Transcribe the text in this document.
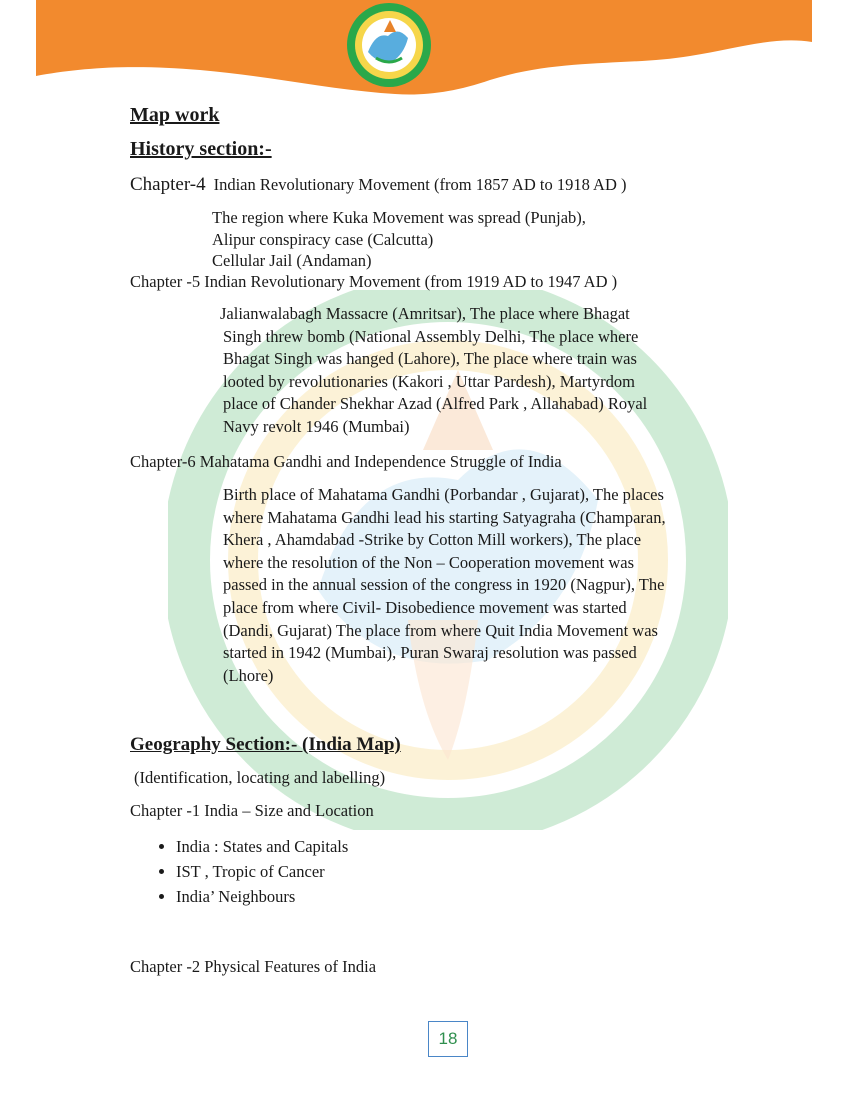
Map work

History section:-

Chapter-4 Indian Revolutionary Movement (from 1857 AD to 1918 AD )

The region where Kuka Movement was spread (Punjab),

Alipur conspiracy case (Calcutta)

Cellular Jail (Andaman)

Chapter -5 Indian Revolutionary Movement (from 1919 AD to 1947 AD )

Jalianwalabagh Massacre (Amritsar), The place where Bhagat

Singh threw bomb (National Assembly Delhi, The place where

Bhagat Singh was hanged (Lahore), The place where train was

looted by revolutionaries (Kakori , Uttar Pardesh), Martyrdom

place of Chander Shekhar Azad (Alfred Park , Allahabad) Royal

Navy revolt 1946 (Mumbai)

Chapter-6 Mahatama Gandhi and Independence Struggle of India

Birth place of Mahatama Gandhi (Porbandar , Gujarat), The places

where Mahatama Gandhi lead his starting Satyagraha (Champaran,

Khera , Ahamdabad -Strike by Cotton Mill workers), The place

where the resolution of the Non – Cooperation movement was

passed in the annual session of the congress in 1920 (Nagpur), The

place from where Civil- Disobedience movement was started

(Dandi, Gujarat) The place from where Quit India Movement was

started in 1942 (Mumbai), Puran Swaraj resolution was passed

(Lhore)

Geography Section:- (India Map)

(Identification, locating and labelling)

Chapter -1 India – Size and Location

• India : States and Capitals
• IST , Tropic of Cancer
• India’ Neighbours

Chapter -2 Physical Features of India

18
